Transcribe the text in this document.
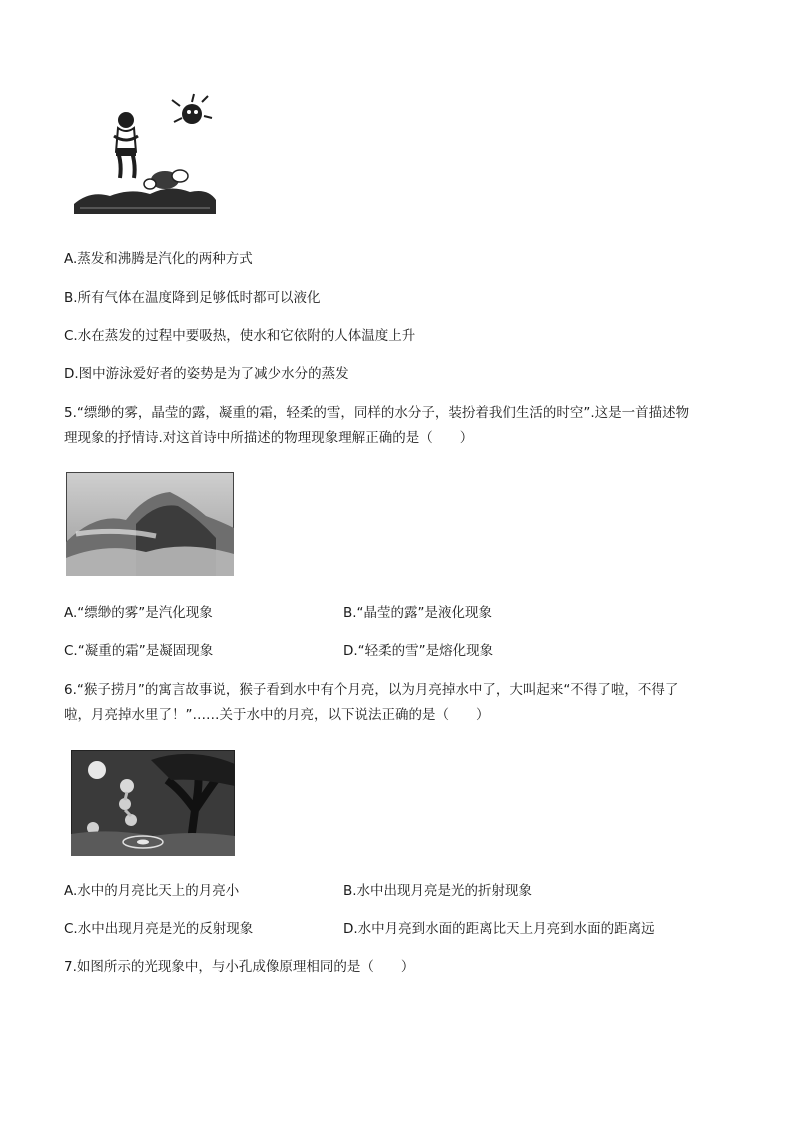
A.蒸发和沸腾是汽化的两种方式
B.所有气体在温度降到足够低时都可以液化
C.水在蒸发的过程中要吸热，使水和它依附的人体温度上升
D.图中游泳爱好者的姿势是为了减少水分的蒸发
5.“缥缈的雾，晶莹的露，凝重的霜，轻柔的雪，同样的水分子，装扮着我们生活的时空”.这是一首描述物
理现象的抒情诗.对这首诗中所描述的物理现象理解正确的是（　　）
A.“缥缈的雾”是汽化现象	B.“晶莹的露”是液化现象
C.“凝重的霜”是凝固现象	D.“轻柔的雪”是熔化现象
6.“猴子捞月”的寓言故事说，猴子看到水中有个月亮，以为月亮掉水中了，大叫起来“不得了啦，不得了
啦，月亮掉水里了！”……关于水中的月亮，以下说法正确的是（　　）
A.水中的月亮比天上的月亮小	B.水中出现月亮是光的折射现象
C.水中出现月亮是光的反射现象	D.水中月亮到水面的距离比天上月亮到水面的距离远
7.如图所示的光现象中，与小孔成像原理相同的是（　　）
